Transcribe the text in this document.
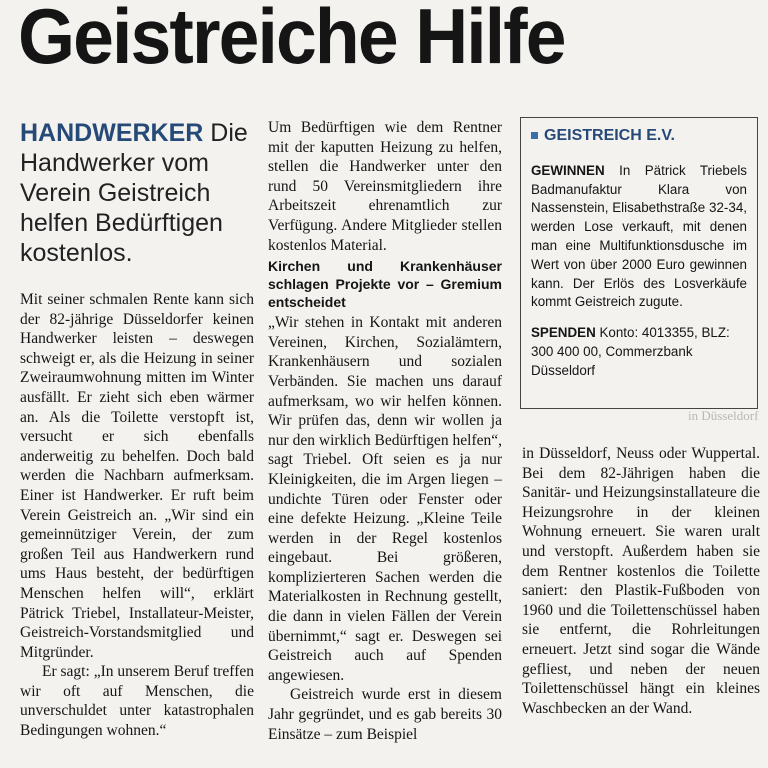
Geistreiche Hilfe
HANDWERKER Die Handwerker vom Verein Geistreich helfen Bedürftigen kostenlos.

Mit seiner schmalen Rente kann sich der 82-jährige Düsseldorfer keinen Handwerker leisten – deswegen schweigt er, als die Heizung in seiner Zweiraumwohnung mitten im Winter ausfällt. Er zieht sich eben wärmer an. Als die Toilette verstopft ist, versucht er sich ebenfalls anderweitig zu behelfen. Doch bald werden die Nachbarn aufmerksam. Einer ist Handwerker. Er ruft beim Verein Geistreich an. „Wir sind ein gemeinnütziger Verein, der zum großen Teil aus Handwerkern rund ums Haus besteht, der bedürftigen Menschen helfen will“, erklärt Pätrick Triebel, Installateur-Meister, Geistreich-Vorstandsmitglied und Mitgründer.

Er sagt: „In unserem Beruf treffen wir oft auf Menschen, die unverschuldet unter katastrophalen Bedingungen wohnen.“

Um Bedürftigen wie dem Rentner mit der kaputten Heizung zu helfen, stellen die Handwerker unter den rund 50 Vereinsmitgliedern ihre Arbeitszeit ehrenamtlich zur Verfügung. Andere Mitglieder stellen kostenlos Material.

Kirchen und Krankenhäuser schlagen Projekte vor – Gremium entscheidet

„Wir stehen in Kontakt mit anderen Vereinen, Kirchen, Sozialämtern, Krankenhäusern und sozialen Verbänden. Sie machen uns darauf aufmerksam, wo wir helfen können. Wir prüfen das, denn wir wollen ja nur den wirklich Bedürftigen helfen“, sagt Triebel. Oft seien es ja nur Kleinigkeiten, die im Argen liegen – undichte Türen oder Fenster oder eine defekte Heizung. „Kleine Teile werden in der Regel kostenlos eingebaut. Bei größeren, komplizierteren Sachen werden die Materialkosten in Rechnung gestellt, die dann in vielen Fällen der Verein übernimmt,“ sagt er. Deswegen sei Geistreich auch auf Spenden angewiesen.

Geistreich wurde erst in diesem Jahr gegründet, und es gab bereits 30 Einsätze – zum Beispiel

GEISTREICH E.V.
GEWINNEN In Pätrick Triebels Badmanufaktur Klara von Nassenstein, Elisabethstraße 32-34, werden Lose verkauft, mit denen man eine Multifunktionsdusche im Wert von über 2000 Euro gewinnen kann. Der Erlös des Losverkäufe kommt Geistreich zugute.
SPENDEN Konto: 4013355, BLZ: 300 400 00, Commerzbank Düsseldorf
in Düsseldorf

in Düsseldorf, Neuss oder Wuppertal. Bei dem 82-Jährigen haben die Sanitär- und Heizungsinstallateure die Heizungsrohre in der kleinen Wohnung erneuert. Sie waren uralt und verstopft. Außerdem haben sie dem Rentner kostenlos die Toilette saniert: den Plastik-Fußboden von 1960 und die Toilettenschüssel haben sie entfernt, die Rohrleitungen erneuert. Jetzt sind sogar die Wände gefliest, und neben der neuen Toilettenschüssel hängt ein kleines Waschbecken an der Wand.
